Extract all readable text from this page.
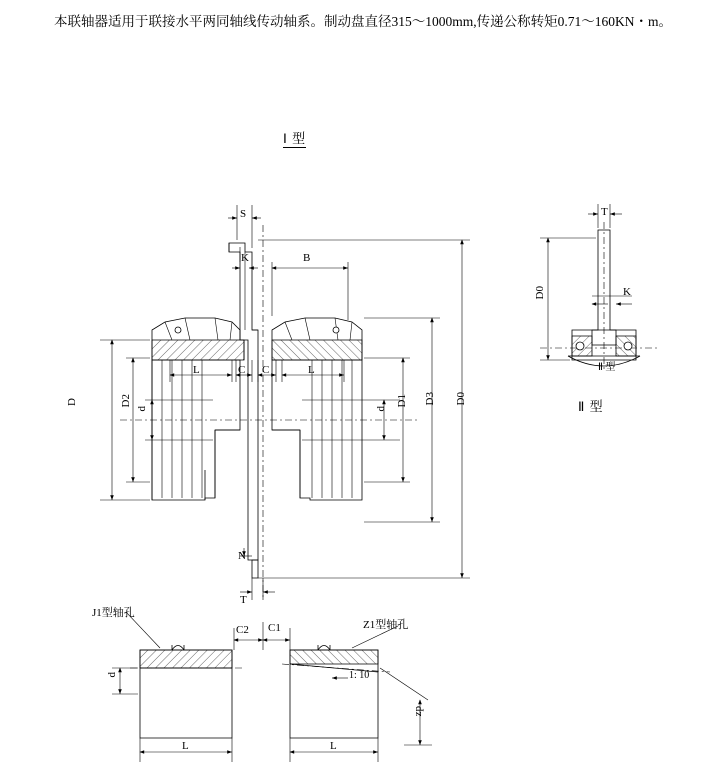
本联轴器适用于联接水平两同轴线传动轴系。制动盘直径315～1000mm,传递公称转矩0.71～160KN・m。
Ⅰ 型
Ⅱ 型
Ⅱ 型
S
K	B
L	C C	L
D	D2
d	d
D1 D3 D0
N
T
T
K
D0
J1型轴孔
Z1型轴孔
1: 10
zp
d
L	L
C2 C1
